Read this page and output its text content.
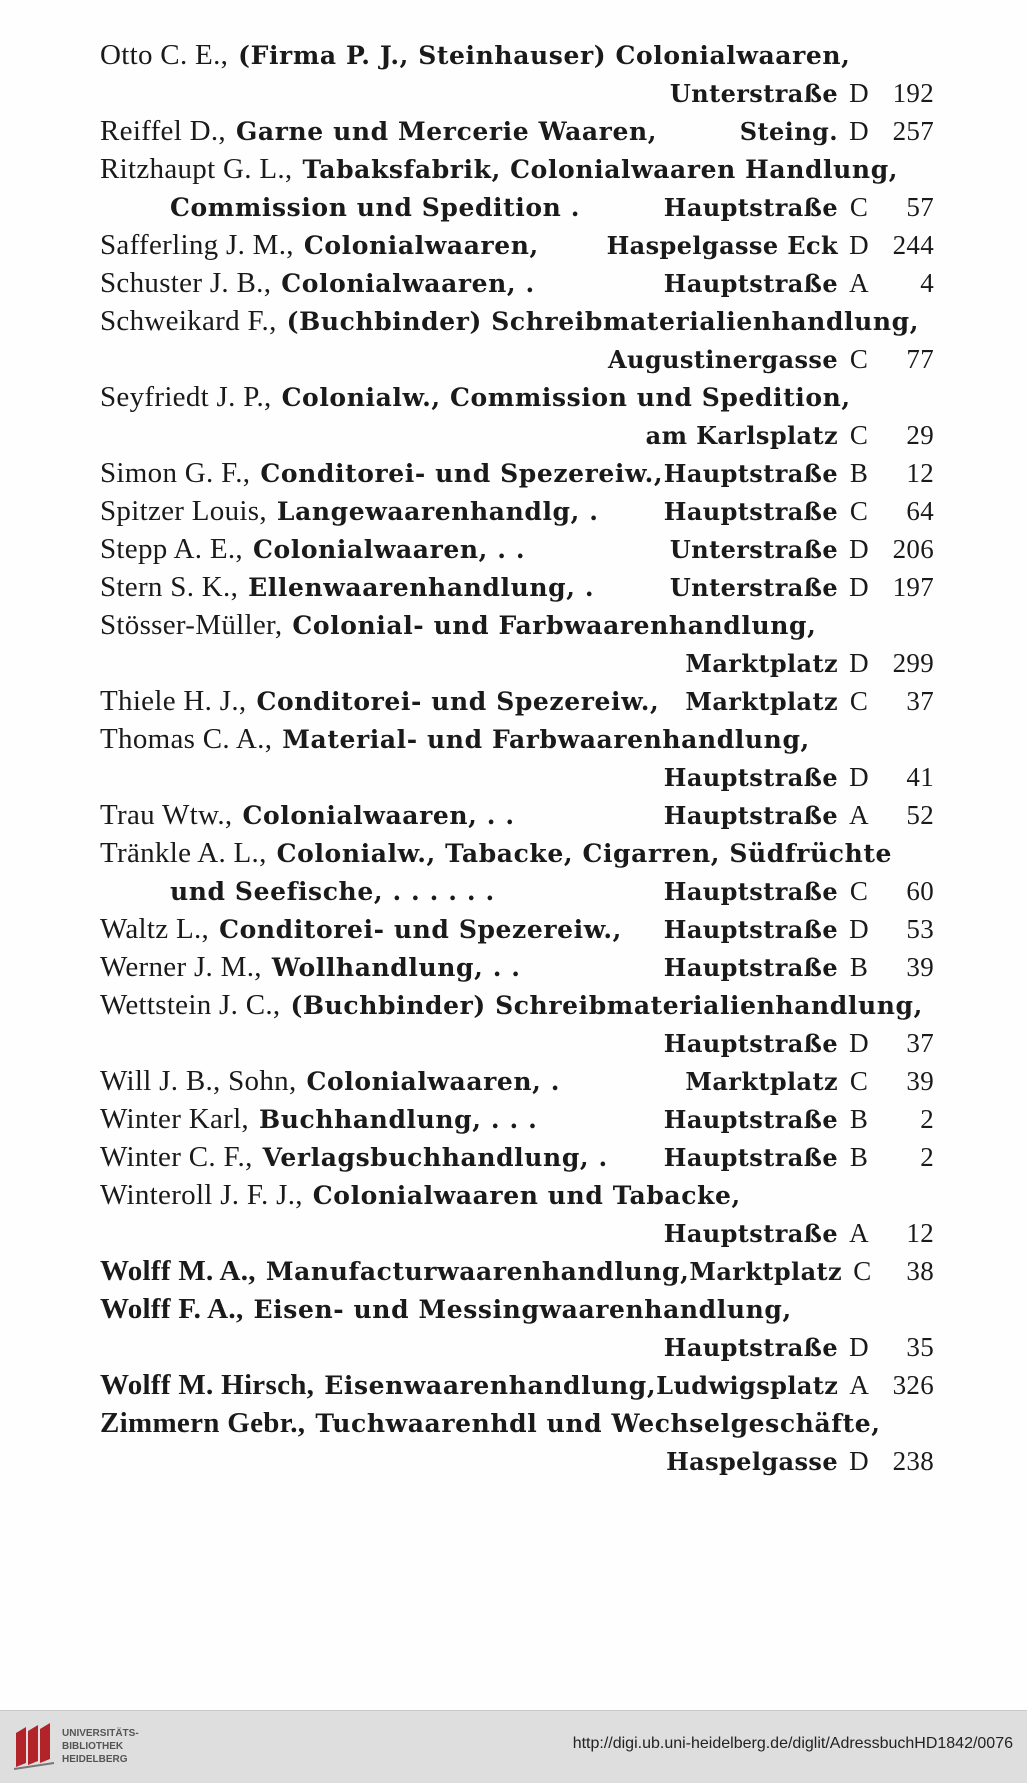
Otto C. E., (Firma P. J., Steinhauser) Colonialwaaren,
Unterstraße D 192
Reiffel D., Garne und Mercerie Waaren,	Steing. D 257
Ritzhaupt G. L., Tabaksfabrik, Colonialwaaren Handlung,
Commission und Spedition .	Hauptstraße C	57
Safferling J. M., Colonialwaaren,	Haspelgasse Eck D 244
Schuster J. B., Colonialwaaren, .	Hauptstraße A	4
Schweikard F., (Buchbinder) Schreibmaterialienhandlung,
Augustinergasse C	77
Seyfriedt J. P., Colonialw., Commission und Spedition,
am Karlsplatz C	29
Simon G. F., Conditorei- und Spezereiw., Hauptstraße B	12
Spitzer Louis, Langewaarenhandlg, .	Hauptstraße C	64
Stepp A. E., Colonialwaaren, . .	Unterstraße D 206
Stern S. K., Ellenwaarenhandlung, .	Unterstraße D 197
Stösser-Müller, Colonial- und Farbwaarenhandlung,
Marktplatz D 299
Thiele H. J., Conditorei- und Spezereiw., Marktplatz C	37
Thomas C. A., Material- und Farbwaarenhandlung,
Hauptstraße D	41
Trau Wtw., Colonialwaaren, . .	Hauptstraße A	52
Tränkle A. L., Colonialw., Tabacke, Cigarren, Südfrüchte
und Seefische, . . . . . .	Hauptstraße C	60
Waltz L., Conditorei- und Spezereiw., Hauptstraße D	53
Werner J. M., Wollhandlung, . .	Hauptstraße B	39
Wettstein J. C., (Buchbinder) Schreibmaterialienhandlung,
Hauptstraße D	37
Will J. B., Sohn, Colonialwaaren, .	Marktplatz C	39
Winter Karl, Buchhandlung, . . .	Hauptstraße B	2
Winter C. F., Verlagsbuchhandlung, . Hauptstraße B	2
Winteroll J. F. J., Colonialwaaren und Tabacke,
Hauptstraße A	12
Wolff M. A., Manufacturwaarenhandlung, Marktplatz C	38
Wolff F. A., Eisen- und Messingwaarenhandlung,
Hauptstraße D	35
Wolff M. Hirsch, Eisenwaarenhandlung, Ludwigsplatz A 326
Zimmern Gebr., Tuchwaarenhdl und Wechselgeschäfte,
Haspelgasse D 238
UNIVERSITÄTS-
BIBLIOTHEK
HEIDELBERG
http://digi.ub.uni-heidelberg.de/diglit/AdressbuchHD1842/0076
